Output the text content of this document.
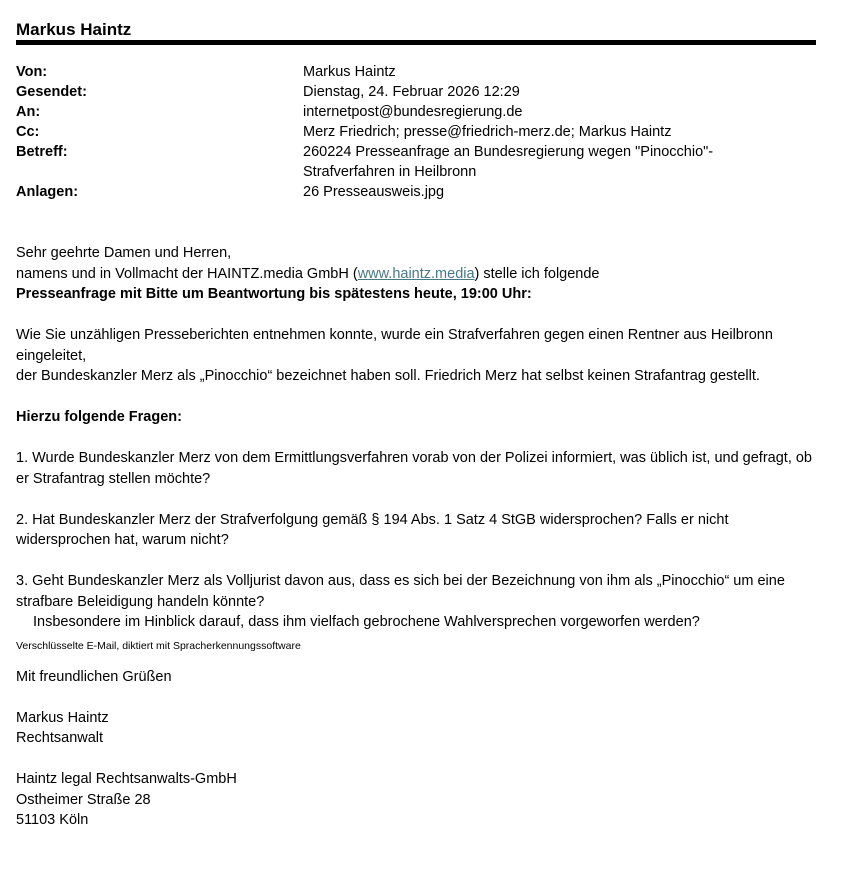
Markus Haintz
Von:	Markus Haintz
Gesendet:	Dienstag, 24. Februar 2026 12:29
An:	internetpost@bundesregierung.de
Cc:	Merz Friedrich; presse@friedrich-merz.de; Markus Haintz
Betreff:	260224 Presseanfrage an Bundesregierung wegen "Pinocchio"-Strafverfahren in Heilbronn
Anlagen:	26 Presseausweis.jpg

Sehr geehrte Damen und Herren,

namens und in Vollmacht der HAINTZ.media GmbH (www.haintz.media) stelle ich folgende

Presseanfrage mit Bitte um Beantwortung bis spätestens heute, 19:00 Uhr:

Wie Sie unzähligen Presseberichten entnehmen konnte, wurde ein Strafverfahren gegen einen Rentner aus Heilbronn eingeleitet,

der Bundeskanzler Merz als „Pinocchio“ bezeichnet haben soll. Friedrich Merz hat selbst keinen Strafantrag gestellt.

Hierzu folgende Fragen:

1. Wurde Bundeskanzler Merz von dem Ermittlungsverfahren vorab von der Polizei informiert, was üblich ist, und gefragt, ob er Strafantrag stellen möchte?

2. Hat Bundeskanzler Merz der Strafverfolgung gemäß § 194 Abs. 1 Satz 4 StGB widersprochen? Falls er nicht widersprochen hat, warum nicht?

3. Geht Bundeskanzler Merz als Volljurist davon aus, dass es sich bei der Bezeichnung von ihm als „Pinocchio“ um eine strafbare Beleidigung handeln könnte?

Insbesondere im Hinblick darauf, dass ihm vielfach gebrochene Wahlversprechen vorgeworfen werden?

Verschlüsselte E-Mail, diktiert mit Spracherkennungssoftware

Mit freundlichen Grüßen

Markus Haintz

Rechtsanwalt

Haintz legal Rechtsanwalts-GmbH

Ostheimer Straße 28

51103 Köln
